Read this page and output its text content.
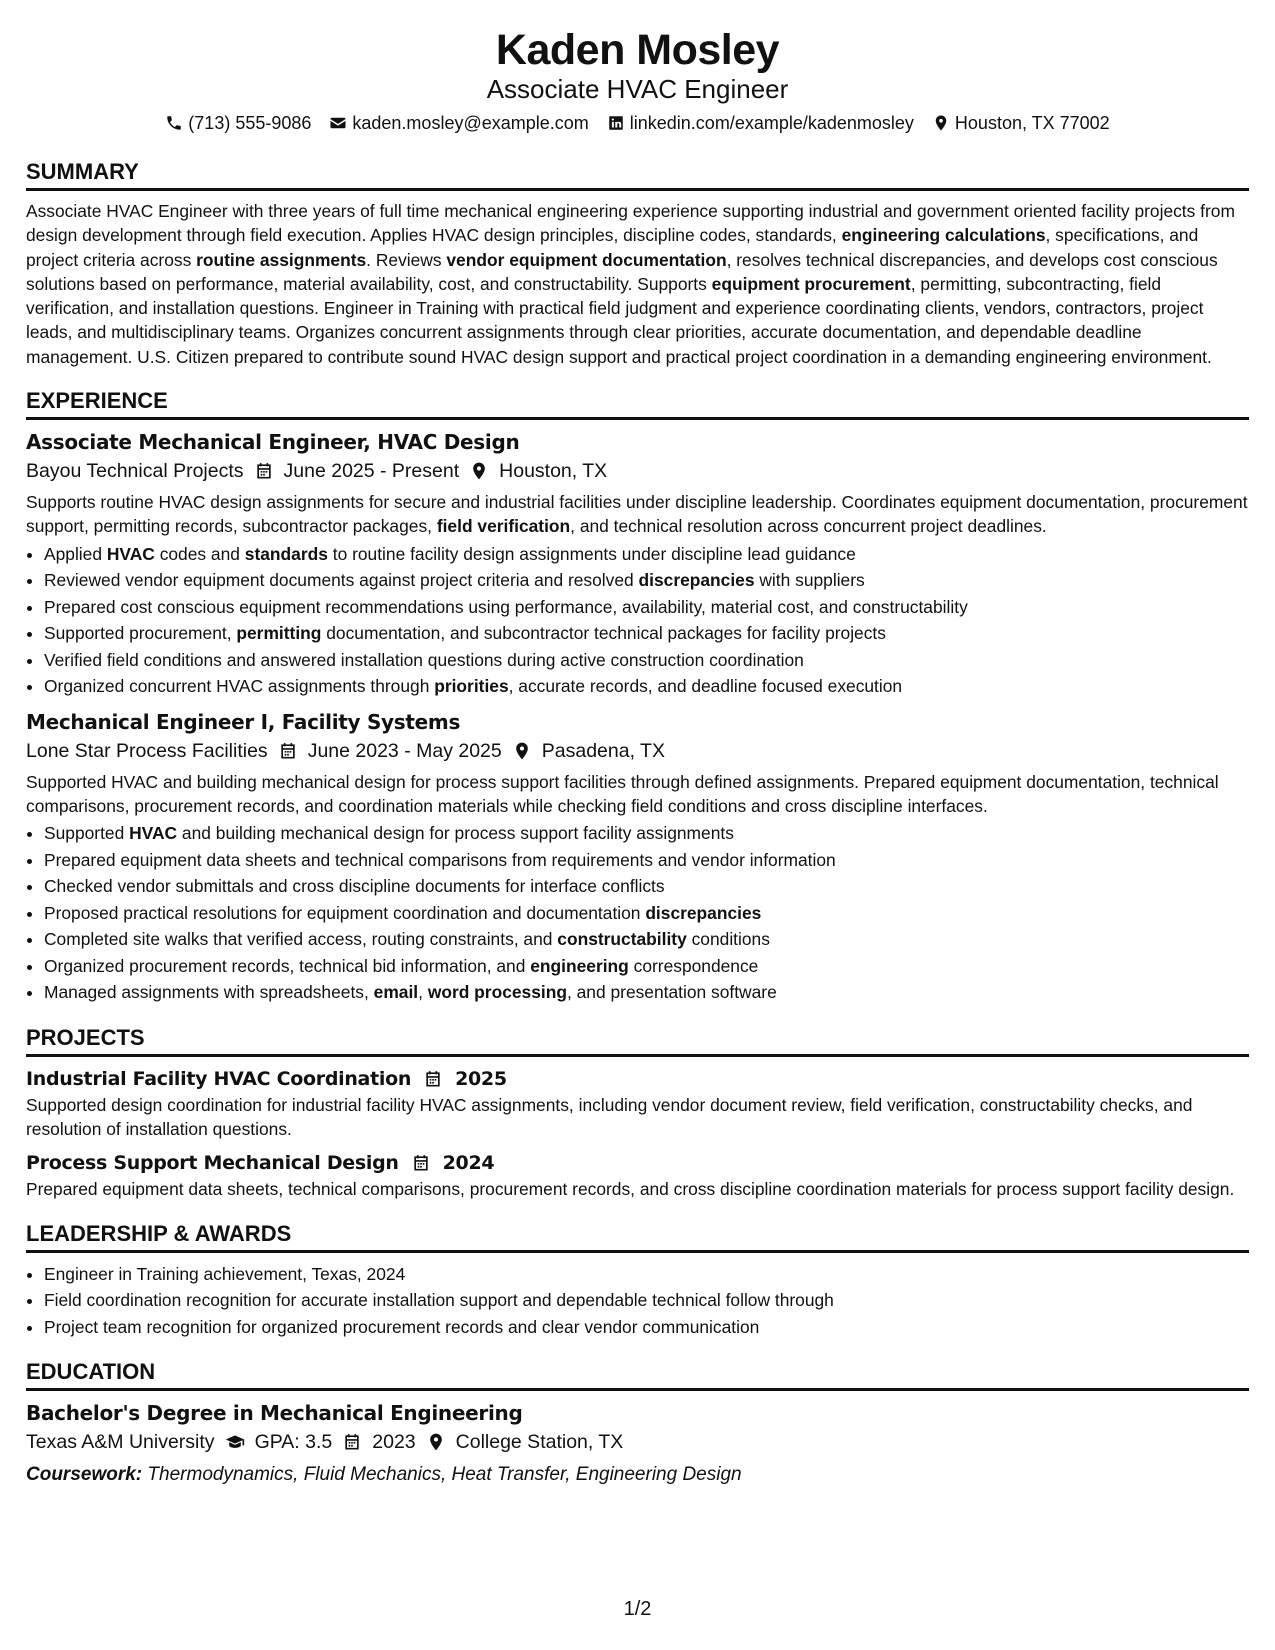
Kaden Mosley
Associate HVAC Engineer
(713) 555-9086 kaden.mosley@example.com linkedin.com/example/kadenmosley Houston, TX 77002
SUMMARY

Associate HVAC Engineer with three years of full time mechanical engineering experience supporting industrial and government oriented facility projects from design development through field execution. Applies HVAC design principles, discipline codes, standards, engineering calculations, specifications, and project criteria across routine assignments. Reviews vendor equipment documentation, resolves technical discrepancies, and develops cost conscious solutions based on performance, material availability, cost, and constructability. Supports equipment procurement, permitting, subcontracting, field verification, and installation questions. Engineer in Training with practical field judgment and experience coordinating clients, vendors, contractors, project leads, and multidisciplinary teams. Organizes concurrent assignments through clear priorities, accurate documentation, and dependable deadline management. U.S. Citizen prepared to contribute sound HVAC design support and practical project coordination in a demanding engineering environment.

EXPERIENCE
Associate Mechanical Engineer, HVAC Design
Bayou Technical Projects June 2025 - Present Houston, TX

Supports routine HVAC design assignments for secure and industrial facilities under discipline leadership. Coordinates equipment documentation, procurement support, permitting records, subcontractor packages, field verification, and technical resolution across concurrent project deadlines.

• Applied HVAC codes and standards to routine facility design assignments under discipline lead guidance
• Reviewed vendor equipment documents against project criteria and resolved discrepancies with suppliers
• Prepared cost conscious equipment recommendations using performance, availability, material cost, and constructability
• Supported procurement, permitting documentation, and subcontractor technical packages for facility projects
• Verified field conditions and answered installation questions during active construction coordination
• Organized concurrent HVAC assignments through priorities, accurate records, and deadline focused execution
Mechanical Engineer I, Facility Systems
Lone Star Process Facilities June 2023 - May 2025 Pasadena, TX

Supported HVAC and building mechanical design for process support facilities through defined assignments. Prepared equipment documentation, technical comparisons, procurement records, and coordination materials while checking field conditions and cross discipline interfaces.

• Supported HVAC and building mechanical design for process support facility assignments
• Prepared equipment data sheets and technical comparisons from requirements and vendor information
• Checked vendor submittals and cross discipline documents for interface conflicts
• Proposed practical resolutions for equipment coordination and documentation discrepancies
• Completed site walks that verified access, routing constraints, and constructability conditions
• Organized procurement records, technical bid information, and engineering correspondence
• Managed assignments with spreadsheets, email, word processing, and presentation software
PROJECTS
Industrial Facility HVAC Coordination 2025

Supported design coordination for industrial facility HVAC assignments, including vendor document review, field verification, constructability checks, and resolution of installation questions.

Process Support Mechanical Design 2024

Prepared equipment data sheets, technical comparisons, procurement records, and cross discipline coordination materials for process support facility design.

LEADERSHIP & AWARDS
• Engineer in Training achievement, Texas, 2024
• Field coordination recognition for accurate installation support and dependable technical follow through
• Project team recognition for organized procurement records and clear vendor communication
EDUCATION
Bachelor's Degree in Mechanical Engineering
Texas A&M University GPA: 3.5 2023 College Station, TX
Coursework: Thermodynamics, Fluid Mechanics, Heat Transfer, Engineering Design
1/2
